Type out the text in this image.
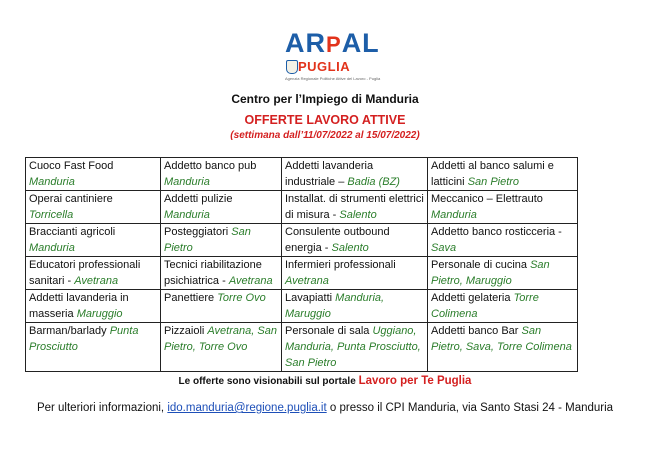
ARPAL
PUGLIA
Agenzia Regionale Politiche Attive del Lavoro - Puglia
Centro per l’Impiego di Manduria
OFFERTE LAVORO ATTIVE
(settimana dall’11/07/2022 al 15/07/2022)
Cuoco Fast Food Manduria	Addetto banco pub Manduria	Addetti lavanderia industriale – Badia (BZ)	Addetti al banco salumi e latticini San Pietro
Operai cantiniere Torricella	Addetti pulizie Manduria	Installat. di strumenti elettrici di misura - Salento	Meccanico – Elettrauto Manduria
Braccianti agricoli Manduria	Posteggiatori San Pietro	Consulente outbound energia - Salento	Addetto banco rosticceria - Sava
Educatori professionali sanitari - Avetrana	Tecnici riabilitazione psichiatrica - Avetrana	Infermieri professionali Avetrana	Personale di cucina San Pietro, Maruggio
Addetti lavanderia in masseria Maruggio	Panettiere Torre Ovo	Lavapiatti Manduria, Maruggio	Addetti gelateria Torre Colimena
Barman/barlady Punta Prosciutto	Pizzaioli Avetrana, San Pietro, Torre Ovo	Personale di sala Uggiano, Manduria, Punta Prosciutto, San Pietro	Addetti banco Bar San Pietro, Sava, Torre Colimena
Le offerte sono visionabili sul portale Lavoro per Te Puglia
Per ulteriori informazioni, ido.manduria@regione.puglia.it o presso il CPI Manduria, via Santo Stasi 24 - Manduria
